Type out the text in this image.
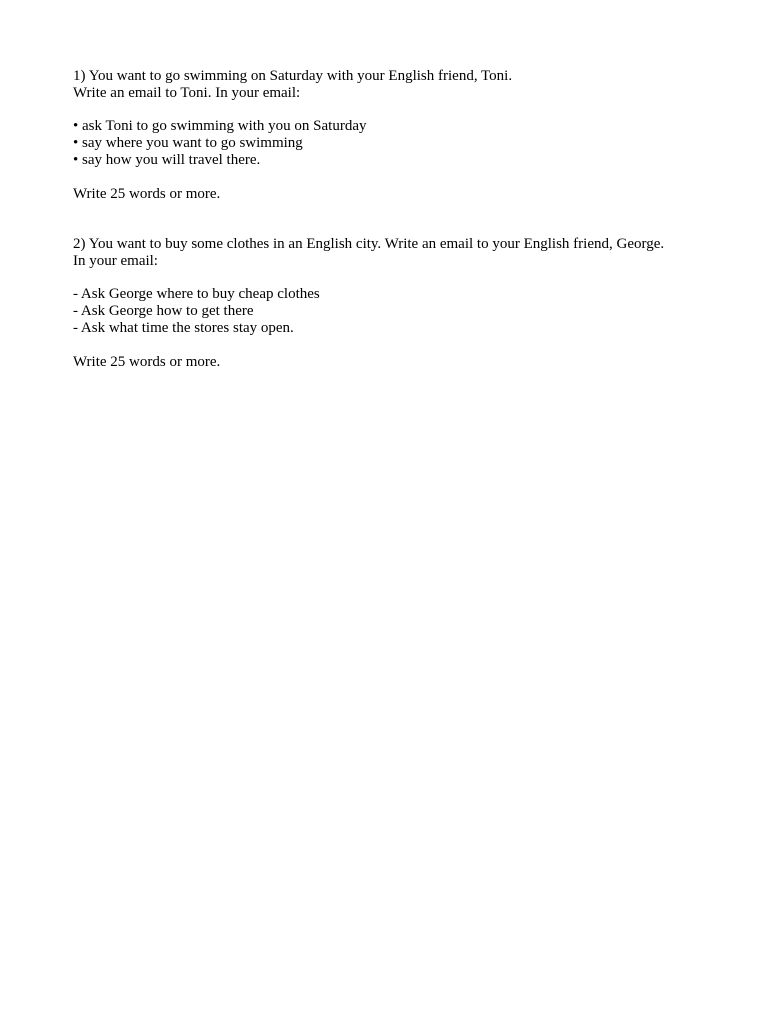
1) You want to go swimming on Saturday with your English friend, Toni.
Write an email to Toni. In your email:
• ask Toni to go swimming with you on Saturday
• say where you want to go swimming
• say how you will travel there.
Write 25 words or more.
2) You want to buy some clothes in an English city. Write an email to your English friend, George.
In your email:
- Ask George where to buy cheap clothes
- Ask George how to get there
- Ask what time the stores stay open.
Write 25 words or more.
